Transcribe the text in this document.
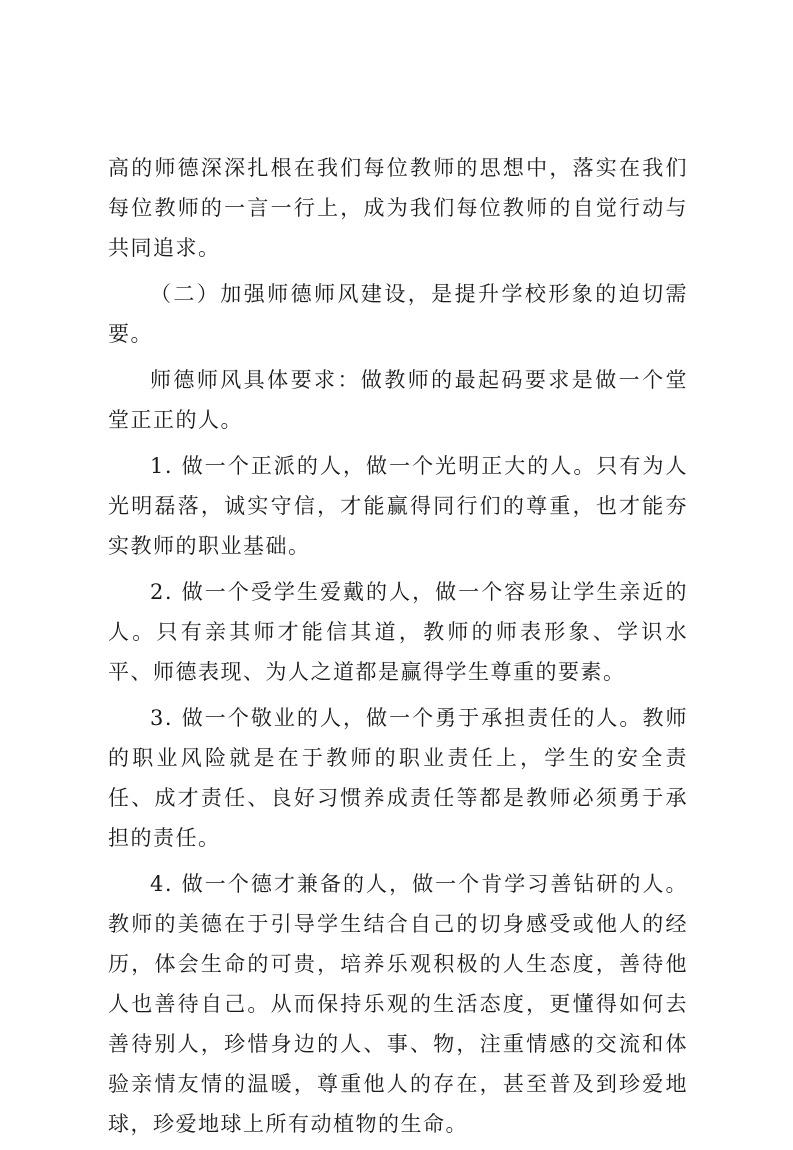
高的师德深深扎根在我们每位教师的思想中，落实在我们每位教师的一言一行上，成为我们每位教师的自觉行动与共同追求。

（二）加强师德师风建设，是提升学校形象的迫切需要。

师德师风具体要求：做教师的最起码要求是做一个堂堂正正的人。

1. 做一个正派的人，做一个光明正大的人。只有为人光明磊落，诚实守信，才能赢得同行们的尊重，也才能夯实教师的职业基础。

2. 做一个受学生爱戴的人，做一个容易让学生亲近的人。只有亲其师才能信其道，教师的师表形象、学识水平、师德表现、为人之道都是赢得学生尊重的要素。

3. 做一个敬业的人，做一个勇于承担责任的人。教师的职业风险就是在于教师的职业责任上，学生的安全责任、成才责任、良好习惯养成责任等都是教师必须勇于承担的责任。

4. 做一个德才兼备的人，做一个肯学习善钻研的人。教师的美德在于引导学生结合自己的切身感受或他人的经历，体会生命的可贵，培养乐观积极的人生态度，善待他人也善待自己。从而保持乐观的生活态度，更懂得如何去善待别人，珍惜身边的人、事、物，注重情感的交流和体验亲情友情的温暖，尊重他人的存在，甚至普及到珍爱地球，珍爱地球上所有动植物的生命。
